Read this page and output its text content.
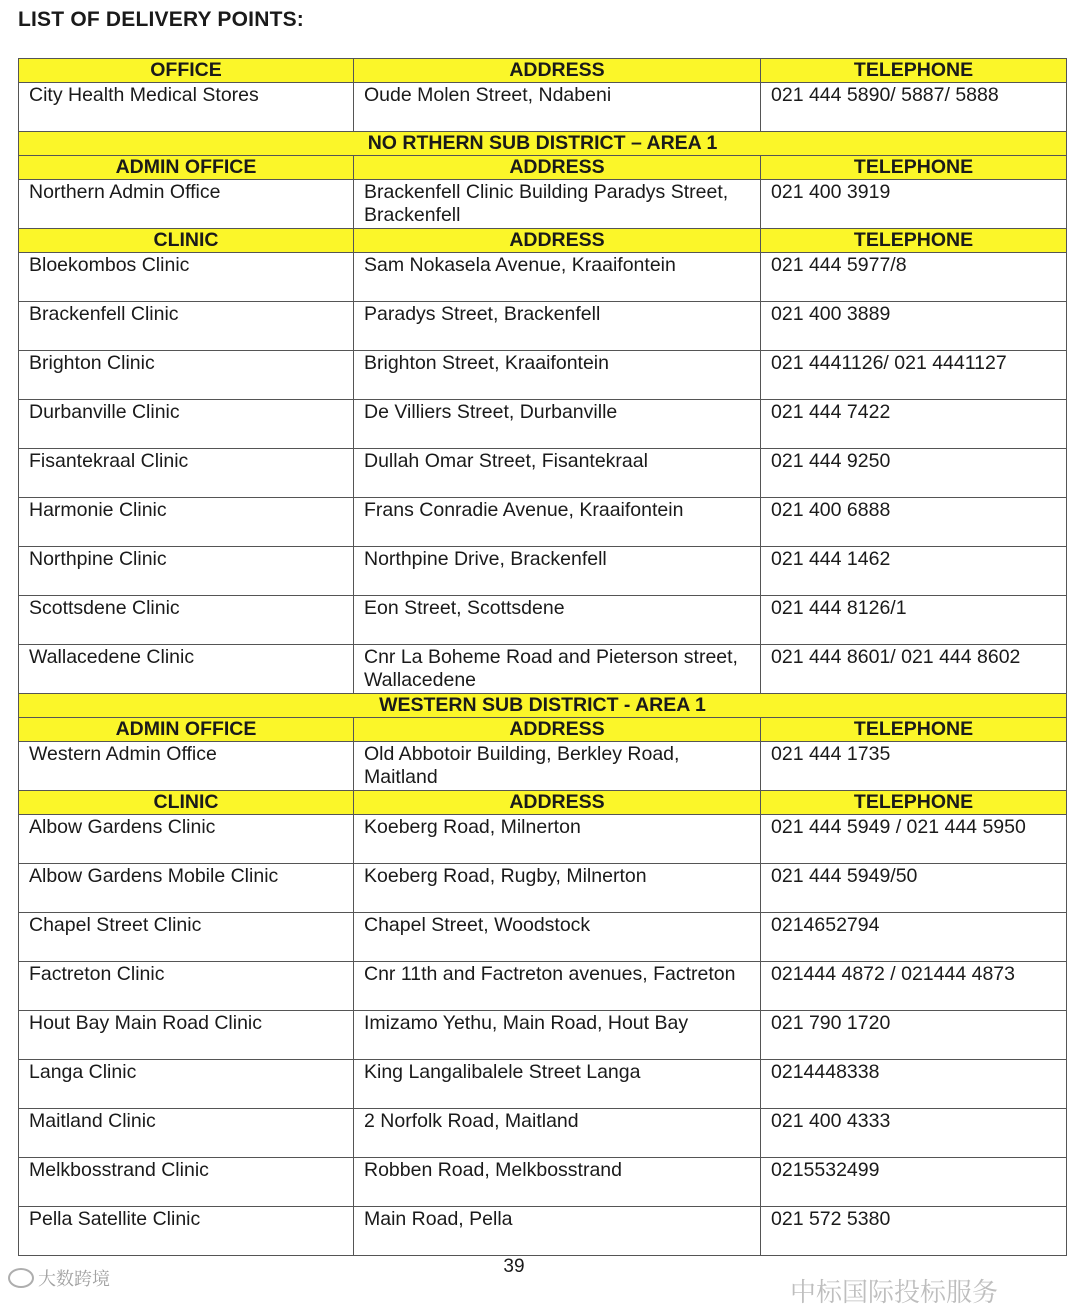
LIST OF DELIVERY POINTS:
OFFICE	ADDRESS	TELEPHONE
City Health Medical Stores	Oude Molen Street, Ndabeni	021 444 5890/ 5887/ 5888
NO RTHERN SUB DISTRICT – AREA 1		
ADMIN OFFICE	ADDRESS	TELEPHONE
Northern Admin Office	Brackenfell Clinic Building Paradys Street, Brackenfell	021 400 3919
CLINIC	ADDRESS	TELEPHONE
Bloekombos Clinic	Sam Nokasela Avenue, Kraaifontein	021 444 5977/8
Brackenfell Clinic	Paradys Street, Brackenfell	021 400 3889
Brighton Clinic	Brighton Street, Kraaifontein	021 4441126/ 021 4441127
Durbanville Clinic	De Villiers Street, Durbanville	021 444 7422
Fisantekraal Clinic	Dullah Omar Street, Fisantekraal	021 444 9250
Harmonie Clinic	Frans Conradie Avenue, Kraaifontein	021 400 6888
Northpine Clinic	Northpine Drive, Brackenfell	021 444 1462
Scottsdene Clinic	Eon Street, Scottsdene	021 444 8126/1
Wallacedene Clinic	Cnr La Boheme Road and Pieterson street, Wallacedene	021 444 8601/ 021 444 8602
WESTERN SUB DISTRICT - AREA 1		
ADMIN OFFICE	ADDRESS	TELEPHONE
Western Admin Office	Old Abbotoir Building, Berkley Road, Maitland	021 444 1735
CLINIC	ADDRESS	TELEPHONE
Albow Gardens Clinic	Koeberg Road, Milnerton	021 444 5949 / 021 444 5950
Albow Gardens Mobile Clinic	Koeberg Road, Rugby, Milnerton	021 444 5949/50
Chapel Street Clinic	Chapel Street, Woodstock	0214652794
Factreton Clinic	Cnr 11th and Factreton avenues, Factreton	021444 4872 / 021444 4873
Hout Bay Main Road Clinic	Imizamo Yethu, Main Road, Hout Bay	021 790 1720
Langa Clinic	King Langalibalele Street Langa	0214448338
Maitland Clinic	2 Norfolk Road, Maitland	021 400 4333
Melkbosstrand Clinic	Robben Road, Melkbosstrand	0215532499
Pella Satellite Clinic	Main Road, Pella	021 572 5380
39
大数跨境	中标国际投标服务
